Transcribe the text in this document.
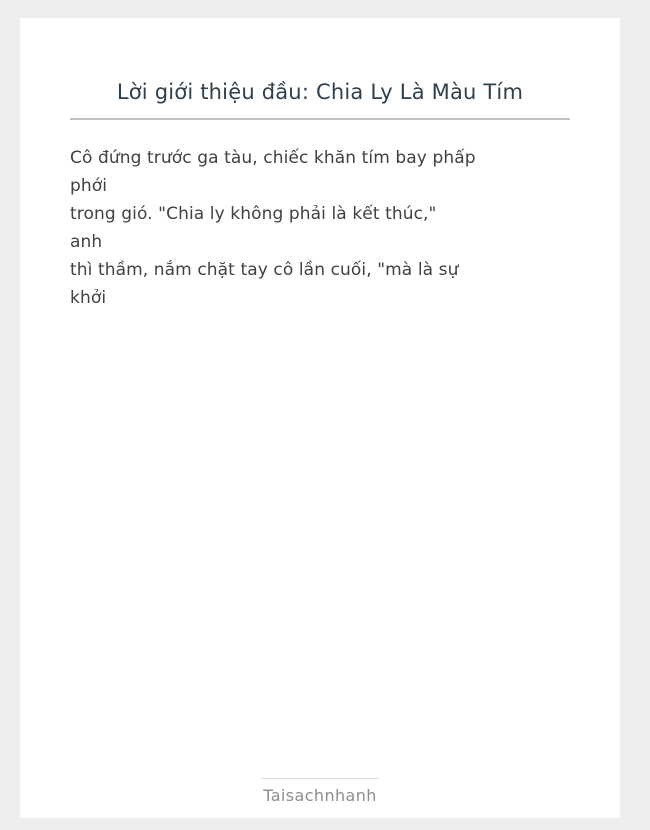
Lời giới thiệu đầu: Chia Ly Là Màu Tím

Cô đứng trước ga tàu, chiếc khăn tím bay phấp

phới

trong gió. "Chia ly không phải là kết thúc,"

anh

thì thầm, nắm chặt tay cô lần cuối, "mà là sự

khởi

Taisachnhanh
